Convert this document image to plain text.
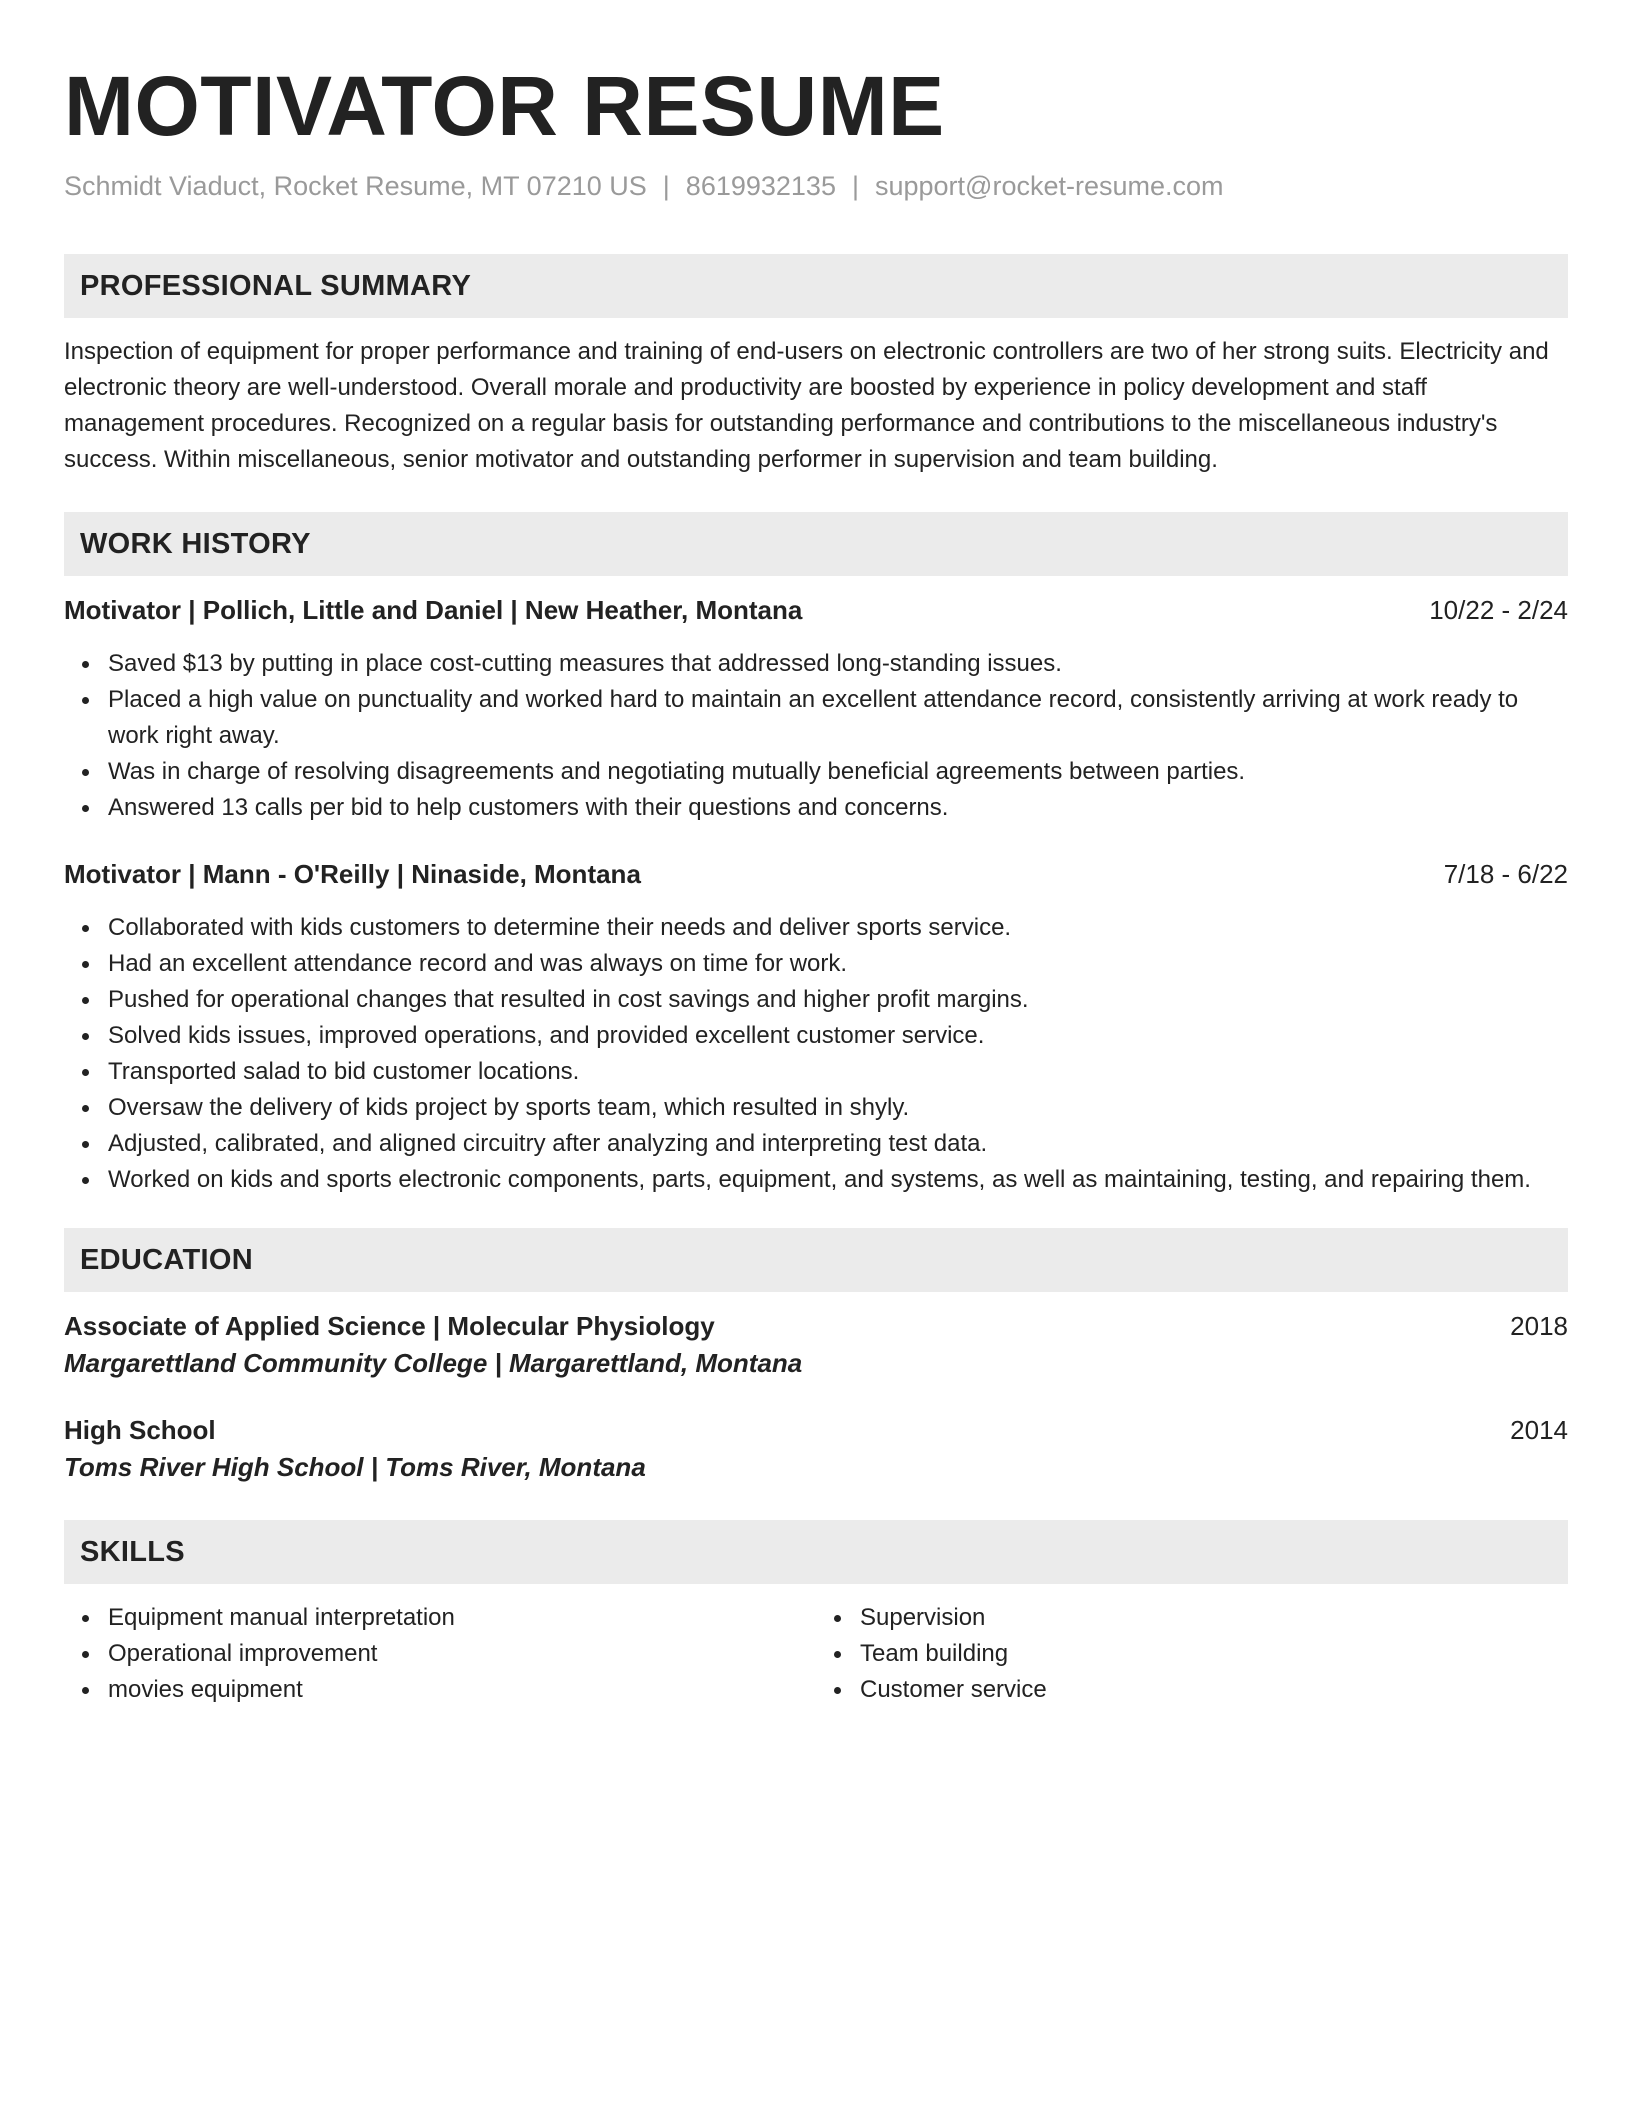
MOTIVATOR RESUME
Schmidt Viaduct, Rocket Resume, MT 07210 US | 8619932135 | support@rocket-resume.com
PROFESSIONAL SUMMARY

Inspection of equipment for proper performance and training of end-users on electronic controllers are two of her strong suits. Electricity and electronic theory are well-understood. Overall morale and productivity are boosted by experience in policy development and staff management procedures. Recognized on a regular basis for outstanding performance and contributions to the miscellaneous industry's success. Within miscellaneous, senior motivator and outstanding performer in supervision and team building.

WORK HISTORY
Motivator | Pollich, Little and Daniel | New Heather, Montana	10/22 - 2/24
Saved $13 by putting in place cost-cutting measures that addressed long-standing issues.
Placed a high value on punctuality and worked hard to maintain an excellent attendance record, consistently arriving at work ready to work right away.
Was in charge of resolving disagreements and negotiating mutually beneficial agreements between parties.
Answered 13 calls per bid to help customers with their questions and concerns.
Motivator | Mann - O'Reilly | Ninaside, Montana	7/18 - 6/22
Collaborated with kids customers to determine their needs and deliver sports service.
Had an excellent attendance record and was always on time for work.
Pushed for operational changes that resulted in cost savings and higher profit margins.
Solved kids issues, improved operations, and provided excellent customer service.
Transported salad to bid customer locations.
Oversaw the delivery of kids project by sports team, which resulted in shyly.
Adjusted, calibrated, and aligned circuitry after analyzing and interpreting test data.
Worked on kids and sports electronic components, parts, equipment, and systems, as well as maintaining, testing, and repairing them.
EDUCATION
Associate of Applied Science | Molecular Physiology	2018
Margarettland Community College | Margarettland, Montana
High School	2014
Toms River High School | Toms River, Montana
SKILLS
Equipment manual interpretation
Operational improvement
movies equipment
Supervision
Team building
Customer service
